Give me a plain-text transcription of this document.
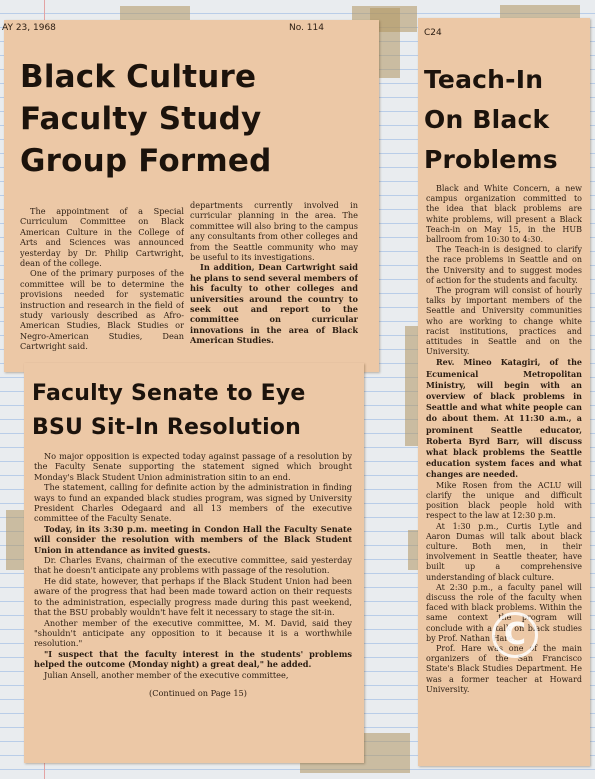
AY 23, 1968	No. 114
Black Culture
Faculty Study
Group Formed

The appointment of a Special Curriculum Committee on Black American Culture in the College of Arts and Sciences was announced yesterday by Dr. Philip Cartwright, dean of the college.

One of the primary purposes of the committee will be to determine the provisions needed for systematic instruction and research in the field of study variously described as Afro-American Studies, Black Studies or Negro-American Studies, Dean Cartwright said.

departments currently involved in curricular planning in the area. The committee will also bring to the campus any consultants from other colleges and from the Seattle community who may be useful to its investigations.

In addition, Dean Cartwright said he plans to send several members of his faculty to other colleges and universities around the country to seek out and report to the committee on curricular innovations in the area of Black American Studies.

Faculty Senate to Eye
BSU Sit-In Resolution

No major opposition is expected today against passage of a resolution by the Faculty Senate supporting the statement signed which brought Monday's Black Student Union administration sitin to an end.

The statement, calling for definite action by the administration in finding ways to fund an expanded black studies program, was signed by University President Charles Odegaard and all 13 members of the executive committee of the Faculty Senate.

Today, in its 3:30 p.m. meeting in Condon Hall the Faculty Senate will consider the resolution with members of the Black Student Union in attendance as invited guests.

Dr. Charles Evans, chairman of the executive committee, said yesterday that he doesn't anticipate any problems with passage of the resolution.

He did state, however, that perhaps if the Black Student Union had been aware of the progress that had been made toward action on their requests to the administration, especially progress made during this past weekend, that the BSU probably wouldn't have felt it necessary to stage the sit-in.

Another member of the executive committee, M. M. David, said they "shouldn't anticipate any opposition to it because it is a worthwhile resolution."

"I suspect that the faculty interest in the students' problems helped the outcome (Monday night) a great deal," he added.

Julian Ansell, another member of the executive committee,

(Continued on Page 15)

C24
Teach-In
On Black
Problems

Black and White Concern, a new campus organization committed to the idea that black problems are white problems, will present a Black Teach-in on May 15, in the HUB ballroom from 10:30 to 4:30.

The Teach-in is designed to clarify the race problems in Seattle and on the University and to suggest modes of action for the students and faculty.

The program will consist of hourly talks by important members of the Seattle and University communities who are working to change white racist institutions, practices and attitudes in Seattle and on the University.

Rev. Mineo Katagiri, of the Ecumenical Metropolitan Ministry, will begin with an overview of black problems in Seattle and what white people can do about them. At 11:30 a.m., a prominent Seattle educator, Roberta Byrd Barr, will discuss what black problems the Seattle education system faces and what changes are needed.

Mike Rosen from the ACLU will clarify the unique and difficult position black people hold with respect to the law at 12:30 p.m.

At 1:30 p.m., Curtis Lytle and Aaron Dumas will talk about black culture. Both men, in their involvement in Seattle theater, have built up a comprehensive understanding of black culture.

At 2:30 p.m., a faculty panel will discuss the role of the faculty when faced with black problems. Within the same context the program will conclude with a talk on black studies by Prof. Nathan Hare.

Prof. Hare was one of the main organizers of the San Francisco State's Black Studies Department. He was a former teacher at Howard University.

C
